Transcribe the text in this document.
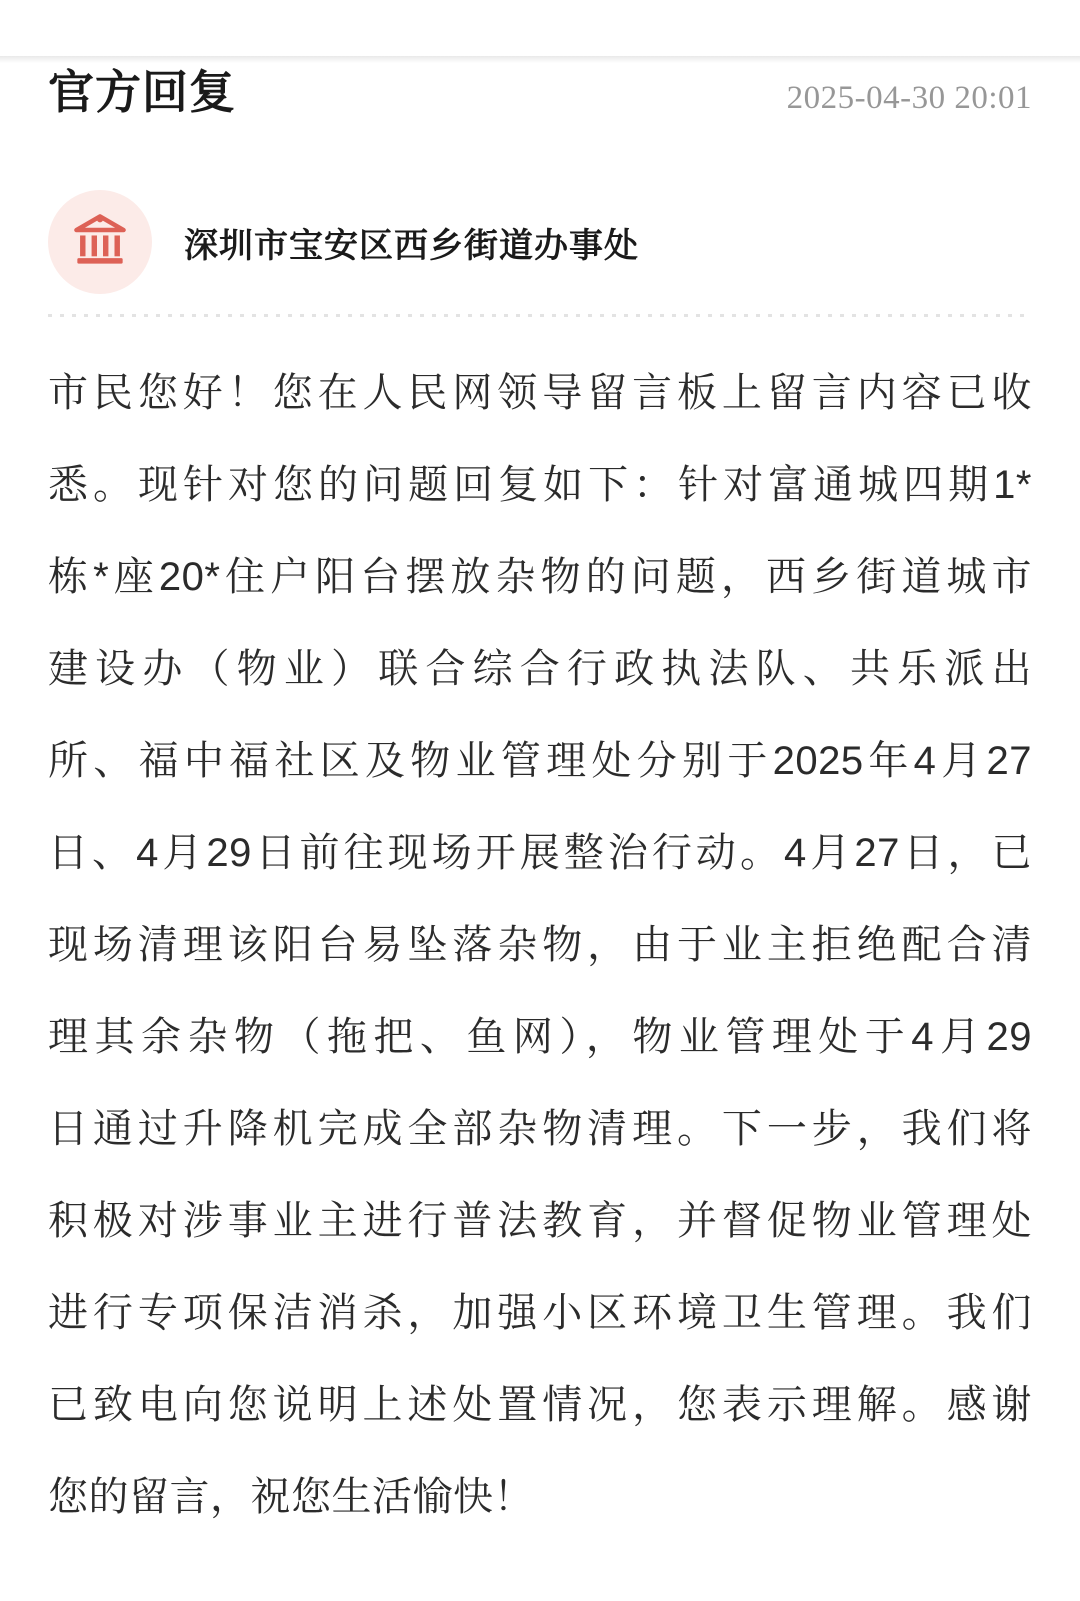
官方回复	2025-04-30 20:01
深圳市宝安区西乡街道办事处
市民您好！您在人民网领导留言板上留言内容已收
悉。现针对您的问题回复如下：针对富通城四期1*
栋*座20*住户阳台摆放杂物的问题，西乡街道城市
建设办（物业）联合综合行政执法队、共乐派出
所、福中福社区及物业管理处分别于2025年4月27
日、4月29日前往现场开展整治行动。4月27日，已
现场清理该阳台易坠落杂物，由于业主拒绝配合清
理其余杂物（拖把、鱼网），物业管理处于4月29
日通过升降机完成全部杂物清理。下一步，我们将
积极对涉事业主进行普法教育，并督促物业管理处
进行专项保洁消杀，加强小区环境卫生管理。我们
已致电向您说明上述处置情况，您表示理解。感谢
您的留言，祝您生活愉快！
